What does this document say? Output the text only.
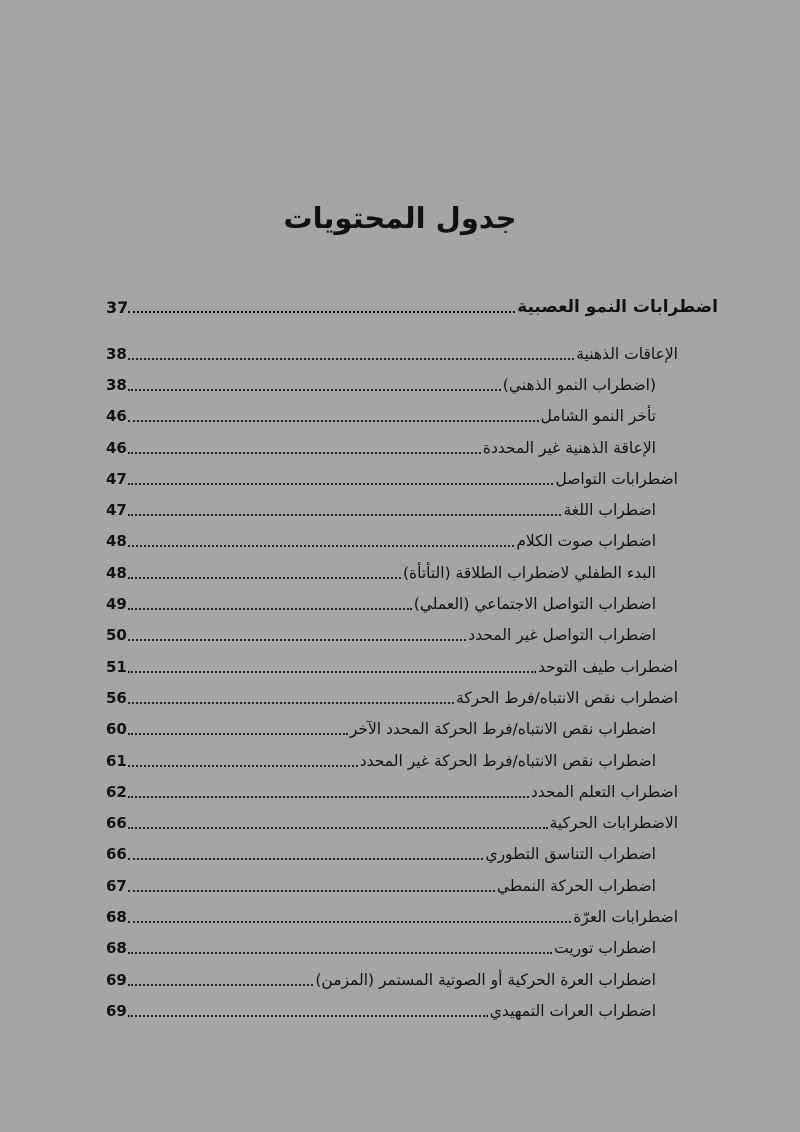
جدول المحتويات
اضطرابات النمو العصبية
37
الإعاقات الذهنية
38
(اضطراب النمو الذهني)
38
تأخر النمو الشامل
46
الإعاقة الذهنية غير المحددة
46
اضطرابات التواصل
47
اضطراب اللغة
47
اضطراب صوت الكلام
48
البدء الطفلي لاضطراب الطلاقة (التأتأة)
48
اضطراب التواصل الاجتماعي (العملي)
49
اضطراب التواصل غير المحدد
50
اضطراب طيف التوحد
51
اضطراب نقص الانتباه/فرط الحركة
56
اضطراب نقص الانتباه/فرط الحركة المحدد الآخر
60
اضطراب نقص الانتباه/فرط الحركة غير المحدد
61
اضطراب التعلم المحدد
62
الاضطرابات الحركية
66
اضطراب التناسق التطوري
66
اضطراب الحركة النمطي
67
اضطرابات العرّة
68
اضطراب توريت
68
اضطراب العرة الحركية أو الصوتية المستمر (المزمن)
69
اضطراب العرات التمهيدي
69
